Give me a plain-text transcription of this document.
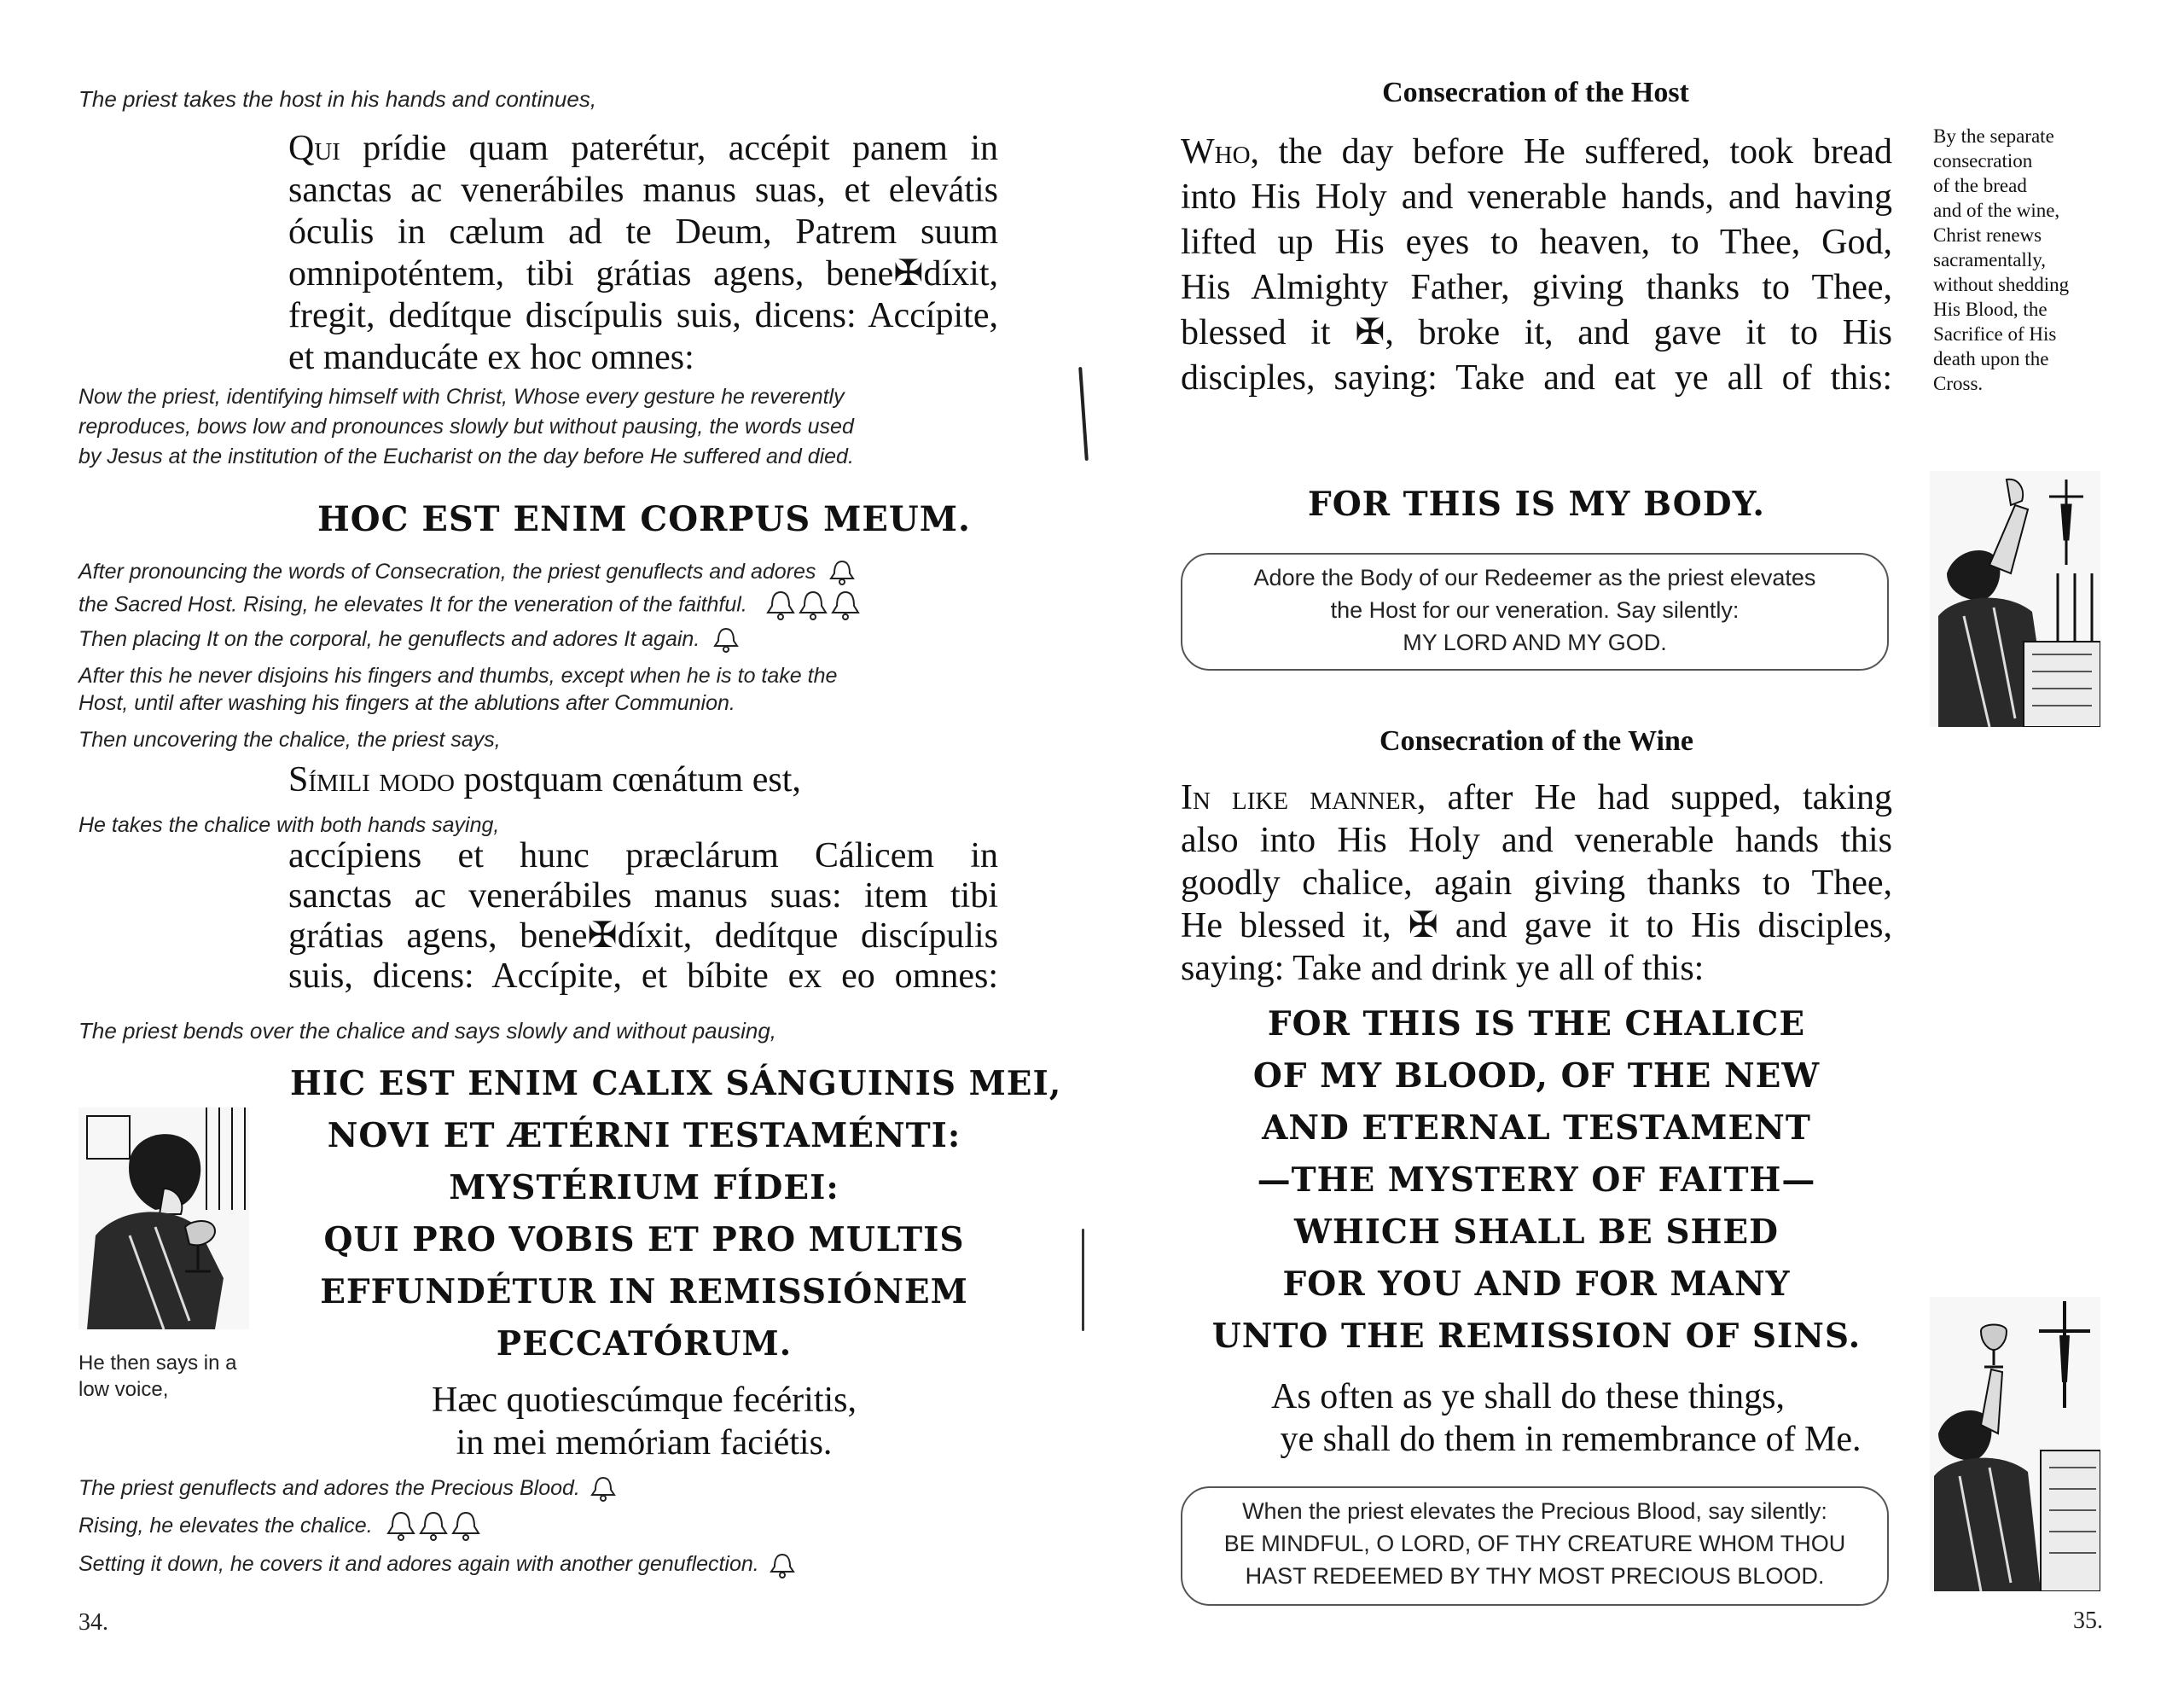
The priest takes the host in his hands and continues,
Qui prídie quam paterétur, accépit panem in
sanctas ac venerábiles manus suas, et elevátis
óculis in cælum ad te Deum, Patrem suum
omnipoténtem, tibi grátias agens, bene✠díxit,
fregit, dedítque discípulis suis, dicens: Accípite,
et manducáte ex hoc omnes:
Now the priest, identifying himself with Christ, Whose every gesture he reverently
reproduces, bows low and pronounces slowly but without pausing, the words used
by Jesus at the institution of the Eucharist on the day before He suffered and died.
HOC EST ENIM CORPUS MEUM.
After pronouncing the words of Consecration, the priest genuflects and adores
the Sacred Host. Rising, he elevates It for the veneration of the faithful.
Then placing It on the corporal, he genuflects and adores It again.
After this he never disjoins his fingers and thumbs, except when he is to take the
Host, until after washing his fingers at the ablutions after Communion.
Then uncovering the chalice, the priest says,
Símili modo postquam cœnátum est,
He takes the chalice with both hands saying,
accípiens et hunc præclárum Cálicem in
sanctas ac venerábiles manus suas: item tibi
grátias agens, bene✠díxit, dedítque discípulis
suis, dicens: Accípite, et bíbite ex eo omnes:
The priest bends over the chalice and says slowly and without pausing,
HIC EST ENIM CALIX SÁNGUINIS MEI,
NOVI ET ÆTÉRNI TESTAMÉNTI:
MYSTÉRIUM FÍDEI:
QUI PRO VOBIS ET PRO MULTIS
EFFUNDÉTUR IN REMISSIÓNEM
PECCATÓRUM.
He then says in a
low voice,	Hæc quotiescúmque fecéritis,
in mei memóriam faciétis.
The priest genuflects and adores the Precious Blood.
Rising, he elevates the chalice.
Setting it down, he covers it and adores again with another genuflection.
34.
Consecration of the Host
Who, the day before He suffered, took bread
into His Holy and venerable hands, and having
lifted up His eyes to heaven, to Thee, God,
His Almighty Father, giving thanks to Thee,
blessed it ✠, broke it, and gave it to His
disciples, saying: Take and eat ye all of this:
By the separate
consecration
of the bread
and of the wine,
Christ renews
sacramentally,
without shedding
His Blood, the
Sacrifice of His
death upon the
Cross.
FOR THIS IS MY BODY.
Adore the Body of our Redeemer as the priest elevates
the Host for our veneration. Say silently:
MY LORD AND MY GOD.
Consecration of the Wine
In like manner, after He had supped, taking
also into His Holy and venerable hands this
goodly chalice, again giving thanks to Thee,
He blessed it, ✠ and gave it to His disciples,
saying: Take and drink ye all of this:
FOR THIS IS THE CHALICE
OF MY BLOOD, OF THE NEW
AND ETERNAL TESTAMENT
—THE MYSTERY OF FAITH—
WHICH SHALL BE SHED
FOR YOU AND FOR MANY
UNTO THE REMISSION OF SINS.
As often as ye shall do these things,
ye shall do them in remembrance of Me.
When the priest elevates the Precious Blood, say silently:
BE MINDFUL, O LORD, OF THY CREATURE WHOM THOU
HAST REDEEMED BY THY MOST PRECIOUS BLOOD.
35.
